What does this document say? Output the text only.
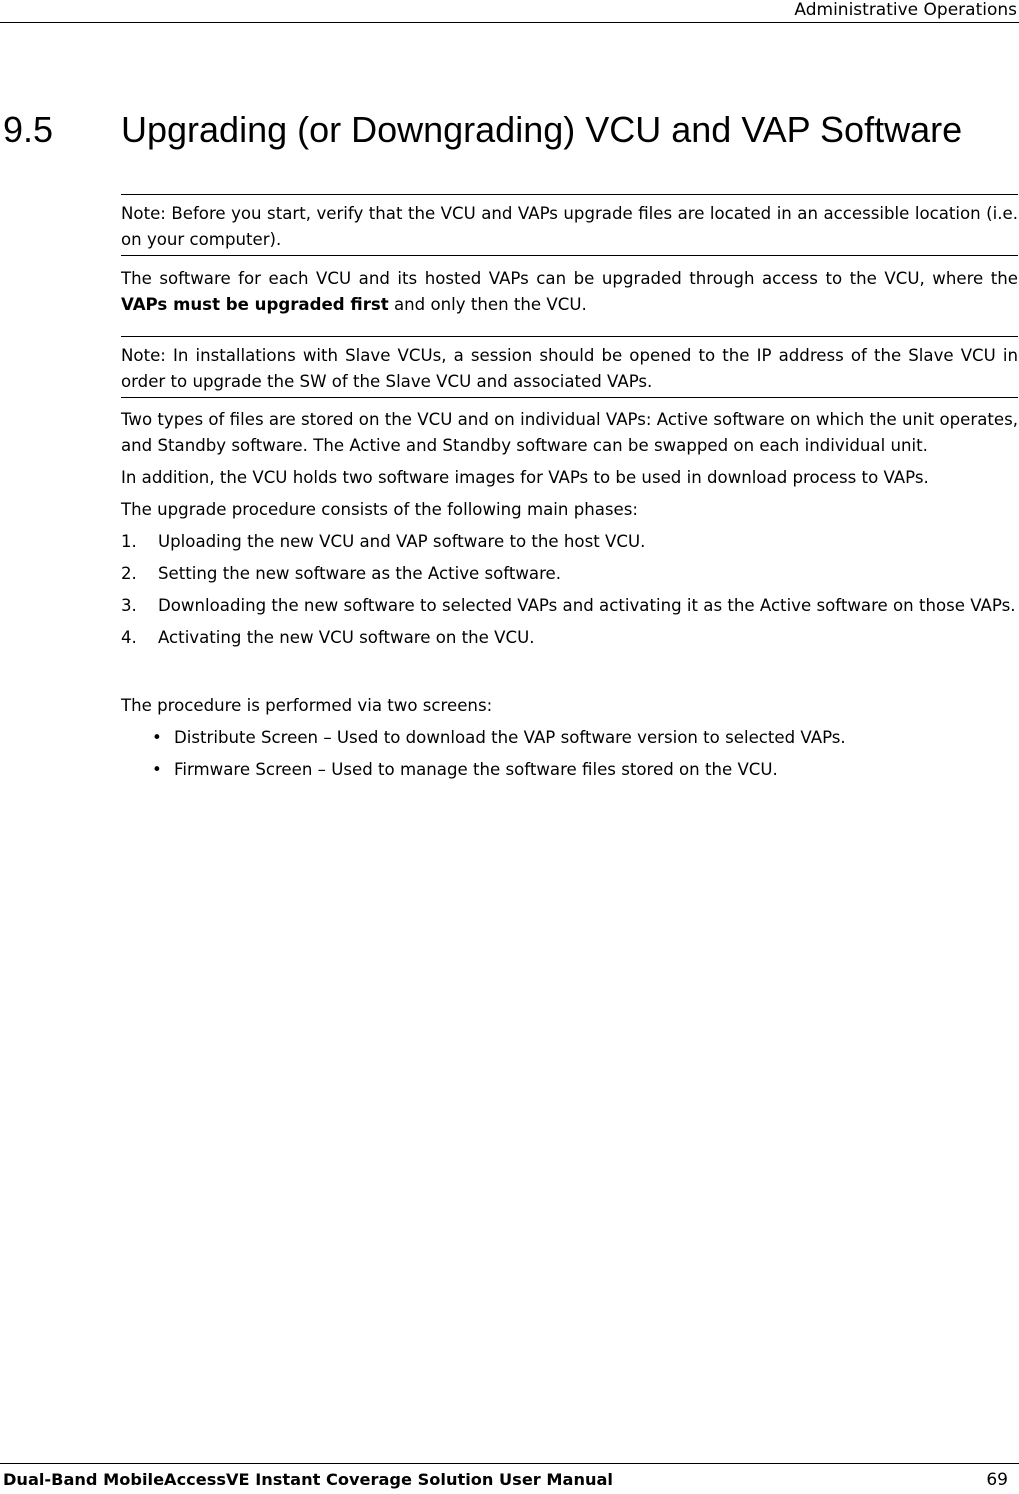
Administrative Operations
9.5 Upgrading (or Downgrading) VCU and VAP Software
Note: Before you start, verify that the VCU and VAPs upgrade files are located in an accessible location (i.e. on your computer).

The software for each VCU and its hosted VAPs can be upgraded through access to the VCU, where the VAPs must be upgraded first and only then the VCU.

Note: In installations with Slave VCUs, a session should be opened to the IP address of the Slave VCU in order to upgrade the SW of the Slave VCU and associated VAPs.

Two types of files are stored on the VCU and on individual VAPs: Active software on which the unit operates, and Standby software. The Active and Standby software can be swapped on each individual unit.

In addition, the VCU holds two software images for VAPs to be used in download process to VAPs.

The upgrade procedure consists of the following main phases:

1. Uploading the new VCU and VAP software to the host VCU.
2. Setting the new software as the Active software.
3. Downloading the new software to selected VAPs and activating it as the Active software on those VAPs.
4. Activating the new VCU software on the VCU.

The procedure is performed via two screens:

• Distribute Screen – Used to download the VAP software version to selected VAPs.
• Firmware Screen – Used to manage the software files stored on the VCU.
Dual-Band MobileAccessVE Instant Coverage Solution User Manual	69
